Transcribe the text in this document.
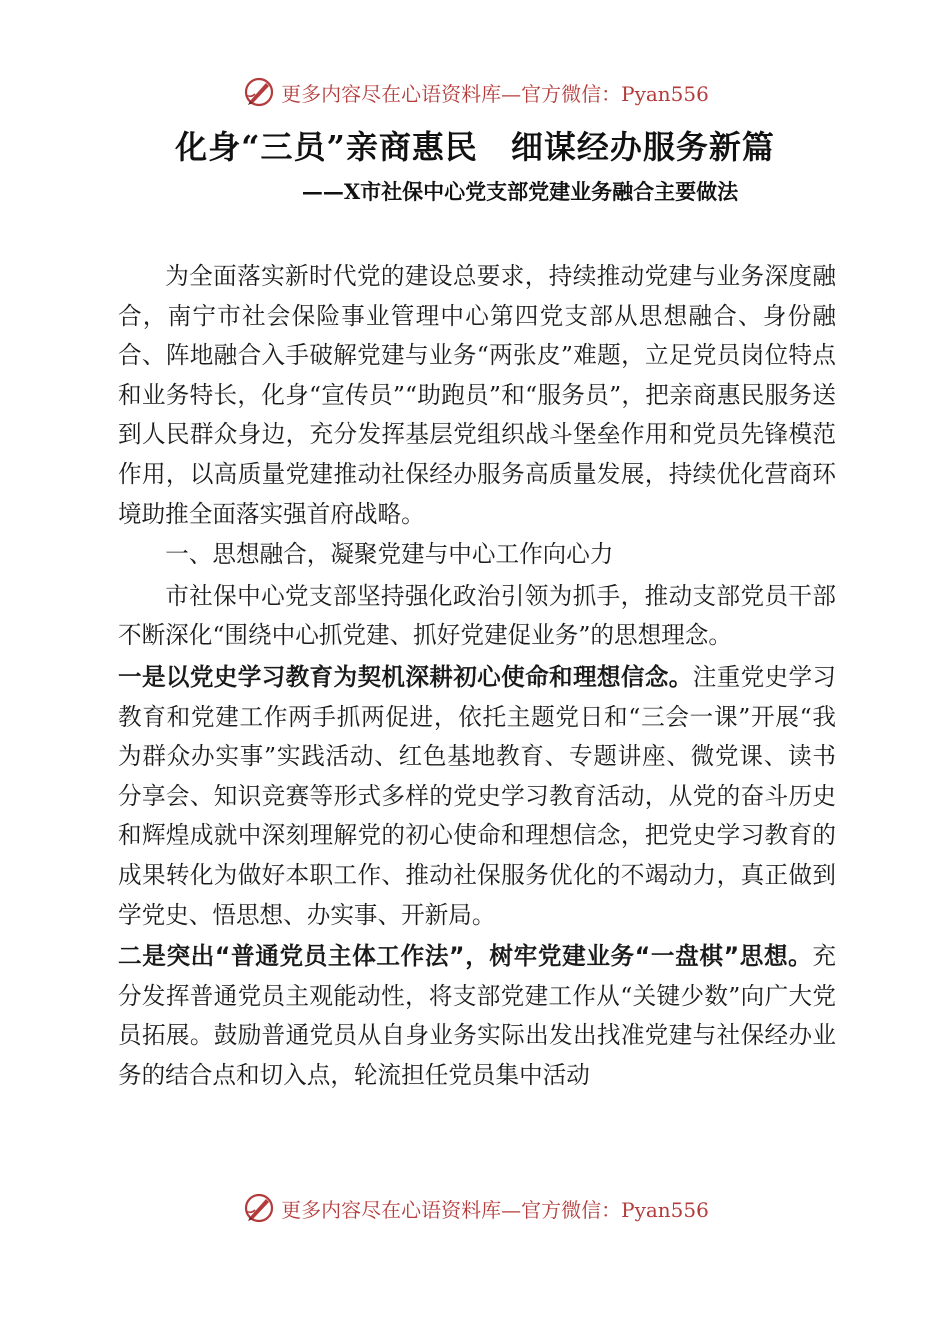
更多内容尽在心语资料库—官方微信：Pyan556
化身“三员”亲商惠民　细谋经办服务新篇
——X市社保中心党支部党建业务融合主要做法

为全面落实新时代党的建设总要求，持续推动党建与业务深度融合，南宁市社会保险事业管理中心第四党支部从思想融合、身份融合、阵地融合入手破解党建与业务“两张皮”难题，立足党员岗位特点和业务特长，化身“宣传员”“助跑员”和“服务员”，把亲商惠民服务送到人民群众身边，充分发挥基层党组织战斗堡垒作用和党员先锋模范作用，以高质量党建推动社保经办服务高质量发展，持续优化营商环境助推全面落实强首府战略。

一、思想融合，凝聚党建与中心工作向心力

市社保中心党支部坚持强化政治引领为抓手，推动支部党员干部不断深化“围绕中心抓党建、抓好党建促业务”的思想理念。

一是以党史学习教育为契机深耕初心使命和理想信念。注重党史学习教育和党建工作两手抓两促进，依托主题党日和“三会一课”开展“我为群众办实事”实践活动、红色基地教育、专题讲座、微党课、读书分享会、知识竞赛等形式多样的党史学习教育活动，从党的奋斗历史和辉煌成就中深刻理解党的初心使命和理想信念，把党史学习教育的成果转化为做好本职工作、推动社保服务优化的不竭动力，真正做到学党史、悟思想、办实事、开新局。

二是突出“普通党员主体工作法”，树牢党建业务“一盘棋”思想。充分发挥普通党员主观能动性，将支部党建工作从“关键少数”向广大党员拓展。鼓励普通党员从自身业务实际出发出找准党建与社保经办业务的结合点和切入点，轮流担任党员集中活动

更多内容尽在心语资料库—官方微信：Pyan556
